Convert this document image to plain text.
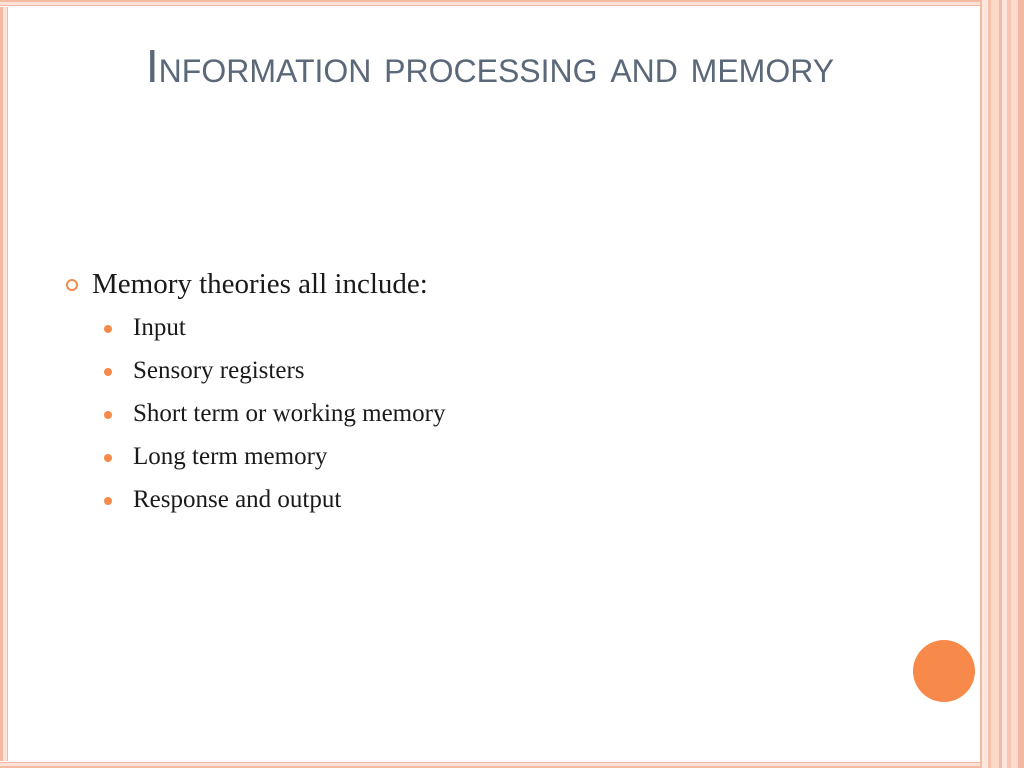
Information processing and memory
Memory theories all include:
Input
Sensory registers
Short term or working memory
Long term memory
Response and output
